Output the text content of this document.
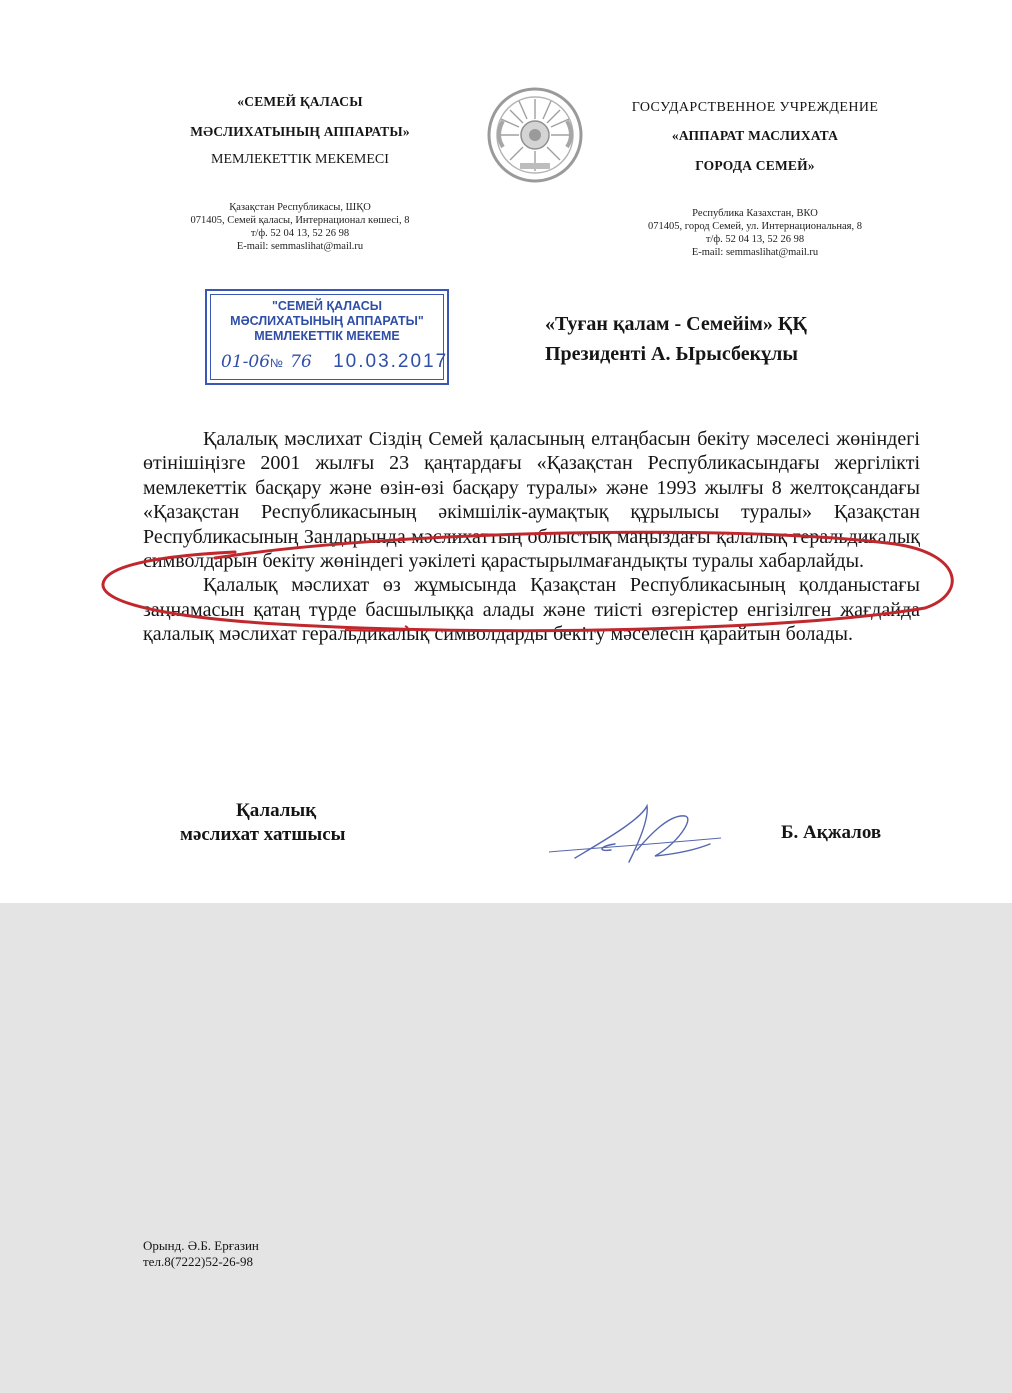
«СЕМЕЙ ҚАЛАСЫ
МӘСЛИХАТЫНЫҢ АППАРАТЫ»
МЕМЛЕКЕТТІК МЕКЕМЕСІ
Қазақстан Республикасы, ШҚО
071405, Семей қаласы, Интернационал көшесі, 8
т/ф. 52 04 13, 52 26 98
E-mail: semmaslihat@mail.ru
ГОСУДАРСТВЕННОЕ УЧРЕЖДЕНИЕ
«АППАРАТ МАСЛИХАТА
ГОРОДА СЕМЕЙ»
Республика Казахстан, ВКО
071405, город Семей, ул. Интернациональная, 8
т/ф. 52 04 13, 52 26 98
E-mail: semmaslihat@mail.ru
"СЕМЕЙ ҚАЛАСЫ
МӘСЛИХАТЫНЫҢ АППАРАТЫ"
МЕМЛЕКЕТТІК МЕКЕМЕ
01-06№ 76 10.03.2017
«Туған қалам - Семейім» ҚҚ
Президенті А. Ырысбекұлы

Қалалық мәслихат Сіздің Семей қаласының елтаңбасын бекіту мәселесі жөніндегі өтінішіңізге 2001 жылғы 23 қаңтардағы «Қазақстан Республикасындағы жергілікті мемлекеттік басқару және өзін-өзі басқару туралы» және 1993 жылғы 8 желтоқсандағы «Қазақстан Республикасының әкімшілік-аумақтық құрылысы туралы» Қазақстан Республикасының Заңдарында мәслихаттың облыстық маңыздағы қалалық геральдикалық символдарын бекіту жөніндегі уәкілеті қарастырылмағандықты туралы хабарлайды.

Қалалық мәслихат өз жұмысында Қазақстан Республикасының қолданыстағы заңнамасын қатаң түрде басшылыққа алады және тиісті өзгерістер енгізілген жағдайда қалалық мәслихат геральдикалық символдарды бекіту мәселесін қарайтын болады.

Қалалық
мәслихат хатшысы	Б. Ақжалов
Орынд. Ә.Б. Ерғазин
тел.8(7222)52-26-98
